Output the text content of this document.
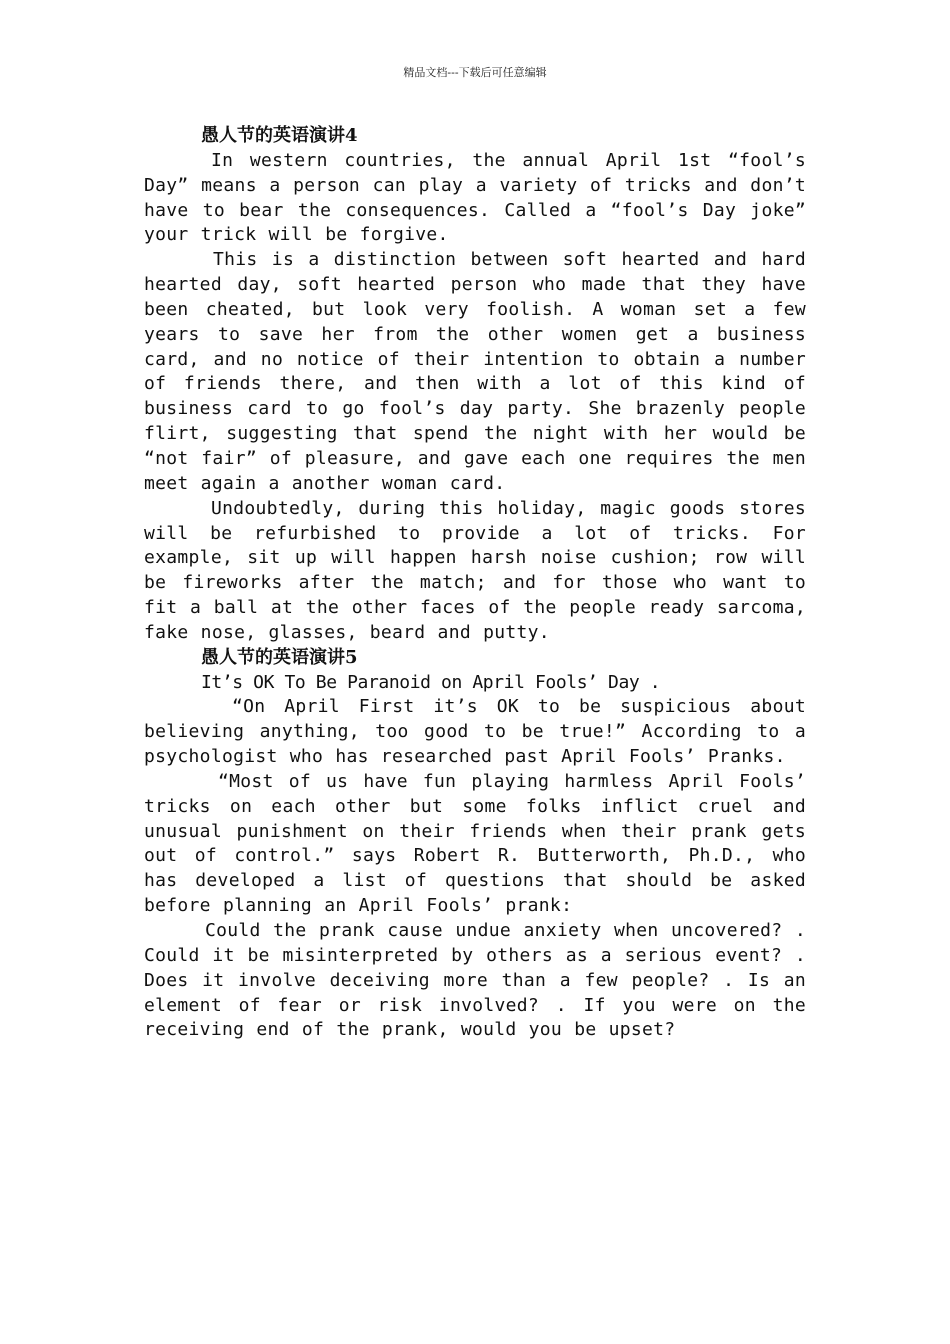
精品文档---下载后可任意编辑
愚人节的英语演讲4

In western countries, the annual April 1st “fool’s Day” means a person can play a variety of tricks and don’t have to bear the consequences. Called a “fool’s Day joke” your trick will be forgive.

This is a distinction between soft hearted and hard hearted day, soft hearted person who made that they have been cheated, but look very foolish. A woman set a few years to save her from the other women get a business card, and no notice of their intention to obtain a number of friends there, and then with a lot of this kind of business card to go fool’s day party. She brazenly people flirt, suggesting that spend the night with her would be “not fair” of pleasure, and gave each one requires the men meet again a another woman card.

Undoubtedly, during this holiday, magic goods stores will be refurbished to provide a lot of tricks. For example, sit up will happen harsh noise cushion; row will be fireworks after the match; and for those who want to fit a ball at the other faces of the people ready sarcoma, fake nose, glasses, beard and putty.

愚人节的英语演讲5

It’s OK To Be Paranoid on April Fools’ Day .

“On April First it’s OK to be suspicious about believing anything, too good to be true!” According to a psychologist who has researched past April Fools’ Pranks.

“Most of us have fun playing harmless April Fools’ tricks on each other but some folks inflict cruel and unusual punishment on their friends when their prank gets out of control.” says Robert R. Butterworth, Ph.D., who has developed a list of questions that should be asked before planning an April Fools’ prank:

Could the prank cause undue anxiety when uncovered? . Could it be misinterpreted by others as a serious event? . Does it involve deceiving more than a few people? . Is an element of fear or risk involved? . If you were on the receiving end of the prank, would you be upset?
